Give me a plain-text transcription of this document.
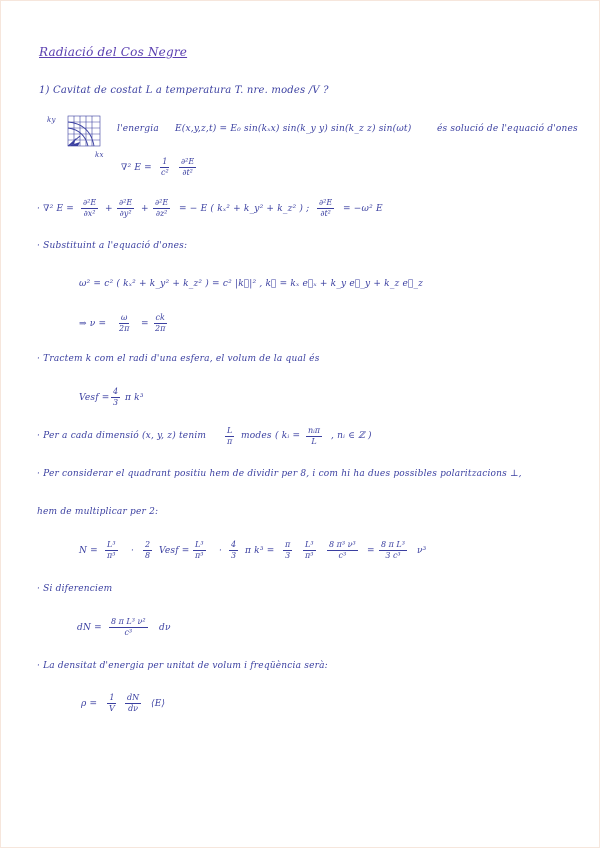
Radiació del Cos Negre
1) Cavitat de costat L a temperatura T. nre. modes /V ?
ky
kx
l'energia E(x,y,z,t) = E₀ sin(kₓx) sin(k_y y) sin(k_z z) sin(ωt)	és solució de l'equació d'ones
∇² $E = \frac{1}{\text{c²}} \frac{\text{∂²E}}{\text{∂t²}}$
· ∇² $E = \frac{\text{∂²E}}{\text{∂x²}} + \frac{\text{∂²E}}{\text{∂y²}} + \frac{\text{∂²E}}{\text{∂z²}}$ = − E ( kₓ² + k_y² + k_z² ) ; $\frac{\text{∂²E}}{\text{∂t²}} = -\omega^2$ E
· Substituint a l'equació d'ones:
ω² = c² ( kₓ² + k_y² + k_z² ) = c² |k⃗|² , k⃗ = kₓ e⃗ₓ + k_y e⃗_y + k_z e⃗_z
⇒ $\nu = \frac{\omega}{2\pi} = \frac{ck}{2\pi}$
· Tractem k com el radi d'una esfera, el volum de la qual és
Vesf = $\frac{4}{3}$ π k³
· Per a cada dimensió (x, y, z) tenim $\frac{L}{\pi}$ modes ( kᵢ =
nᵢπ
L
, nᵢ ∈ ℤ )
· Per considerar el quadrant positiu hem de dividir per 8, i com hi ha dues possibles polaritzacions ⊥,
hem de multiplicar per 2:
$N = \frac{\text{L³}}{\text{π³}} \cdot \frac{2}{8}$ Vesf = $\frac{\text{L³}}{\text{π³}} \cdot \frac{4}{3}$ π $k^3 = \frac{\pi}{3} \frac{\text{L³}}{\text{π³}} \frac{\text{8 π³ ν³}}{\text{c³}} = \frac{\text{8 π L³}}{\text{3 c³}} \nu^3$
· Si diferenciem
dN = $\frac{\text{8 π L³ ν²}}{\text{c³}}$ dν
· La densitat d'energia per unitat de volum i freqüència serà:
$\rho = \frac{1}{V} \frac{dN}{d\nu}$ ⟨E⟩
